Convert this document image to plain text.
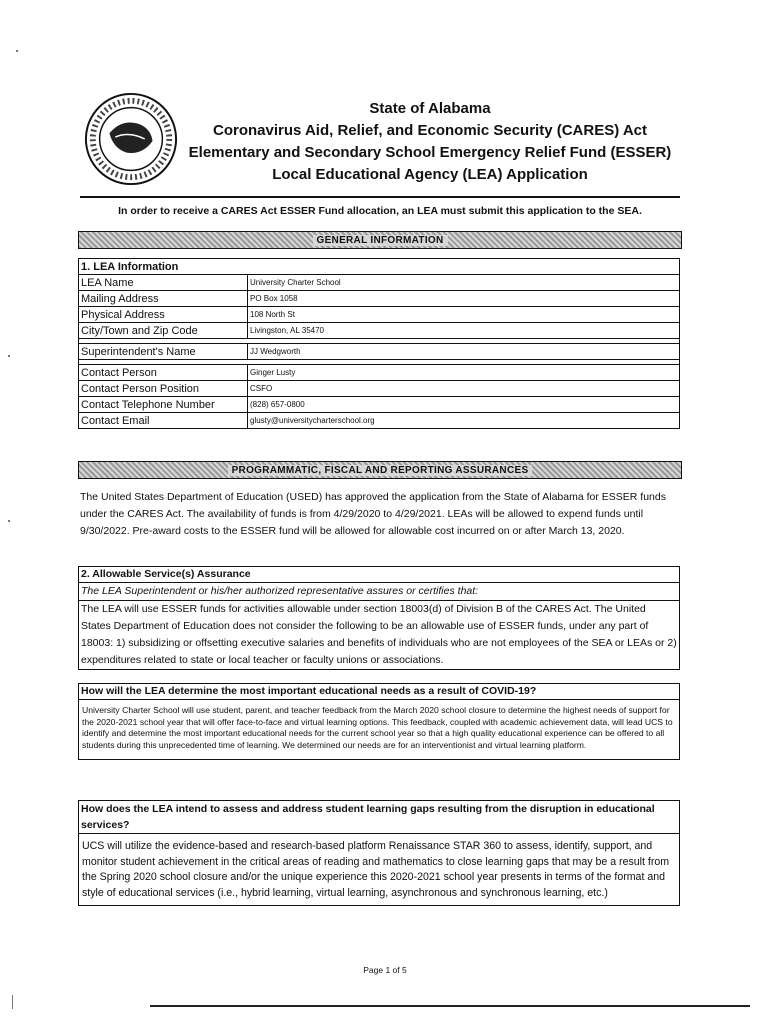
State of Alabama
Coronavirus Aid, Relief, and Economic Security (CARES) Act
Elementary and Secondary School Emergency Relief Fund (ESSER)
Local Educational Agency (LEA) Application
In order to receive a CARES Act ESSER Fund allocation, an LEA must submit this application to the SEA.
GENERAL INFORMATION
1. LEA Information	
LEA Name	University Charter School
Mailing Address	PO Box 1058
Physical Address	108 North St
City/Town and Zip Code	Livingston, AL 35470

Superintendent's Name	JJ Wedgworth

Contact Person	Ginger Lusty
Contact Person Position	CSFO
Contact Telephone Number	(828) 657-0800
Contact Email	glusty@universitycharterschool.org
PROGRAMMATIC, FISCAL AND REPORTING ASSURANCES
The United States Department of Education (USED) has approved the application from the State of Alabama for ESSER funds under the CARES Act. The availability of funds is from 4/29/2020 to 4/29/2021. LEAs will be allowed to expend funds until 9/30/2022. Pre-award costs to the ESSER fund will be allowed for allowable cost incurred on or after March 13, 2020.
2. Allowable Service(s) Assurance
The LEA Superintendent or his/her authorized representative assures or certifies that:
The LEA will use ESSER funds for activities allowable under section 18003(d) of Division B of the CARES Act. The United States Department of Education does not consider the following to be an allowable use of ESSER funds, under any part of 18003: 1) subsidizing or offsetting executive salaries and benefits of individuals who are not employees of the SEA or LEAs or 2) expenditures related to state or local teacher or faculty unions or associations.
How will the LEA determine the most important educational needs as a result of COVID-19?
University Charter School will use student, parent, and teacher feedback from the March 2020 school closure to determine the highest needs of support for the 2020-2021 school year that will offer face-to-face and virtual learning options. This feedback, coupled with academic achievement data, will lead UCS to identify and determine the most important educational needs for the current school year so that a high quality educational experience can be offered to all students during this unprecedented time of learning. We determined our needs are for an interventionist and virtual learning platform.
How does the LEA intend to assess and address student learning gaps resulting from the disruption in educational services?
UCS will utilize the evidence-based and research-based platform Renaissance STAR 360 to assess, identify, support, and monitor student achievement in the critical areas of reading and mathematics to close learning gaps that may be a result from the Spring 2020 school closure and/or the unique experience this 2020-2021 school year presents in terms of the format and style of educational services (i.e., hybrid learning, virtual learning, asynchronous and synchronous learning, etc.)
Page 1 of 5
